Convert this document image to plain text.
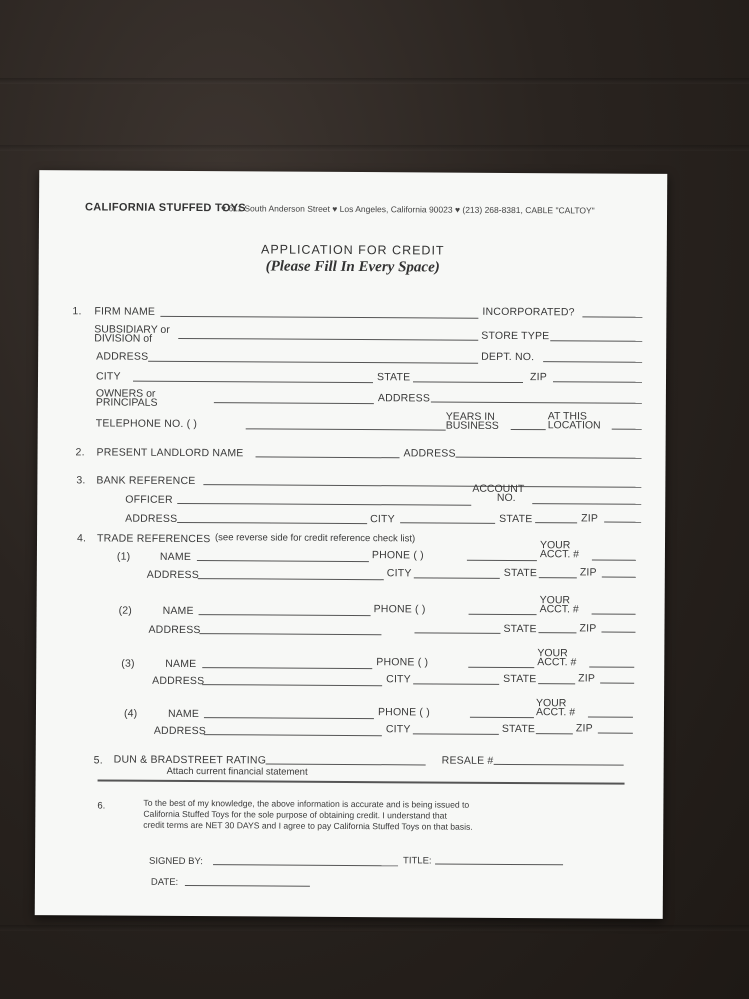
CALIFORNIA STUFFED TOYS
♥ 611 South Anderson Street ♥ Los Angeles, California 90023 ♥ (213) 268-8381, CABLE "CALTOY"
APPLICATION FOR CREDIT
(Please Fill In Every Space)
1. FIRM NAME	INCORPORATED?
SUBSIDIARY or
DIVISION of	STORE TYPE
ADDRESS	DEPT. NO.
CITY	STATE	ZIP
OWNERS or
PRINCIPALS	ADDRESS
TELEPHONE NO. ( )
YEARS IN
BUSINESS
AT THIS
LOCATION
2. PRESENT LANDLORD NAME	ADDRESS
3. BANK REFERENCE
OFFICER
ACCOUNT
NO.
ADDRESS	CITY	STATE	ZIP
4. TRADE REFERENCES (see reverse side for credit reference check list)
(1)	NAME	PHONE ( )
YOUR
ACCT. #
ADDRESS	CITY	STATE	ZIP
(2)	NAME	PHONE ( )
YOUR
ACCT. #
ADDRESS	STATE	ZIP
(3)	NAME	PHONE ( )
YOUR
ACCT. #
ADDRESS	CITY	STATE	ZIP
(4)	NAME	PHONE ( )
YOUR
ACCT. #
ADDRESS	CITY	STATE	ZIP
5. DUN & BRADSTREET RATING	RESALE #
Attach current financial statement
6.	To the best of my knowledge, the above information is accurate and is being issued to
California Stuffed Toys for the sole purpose of obtaining credit. I understand that
credit terms are NET 30 DAYS and I agree to pay California Stuffed Toys on that basis.
SIGNED BY:	TITLE:
DATE:
